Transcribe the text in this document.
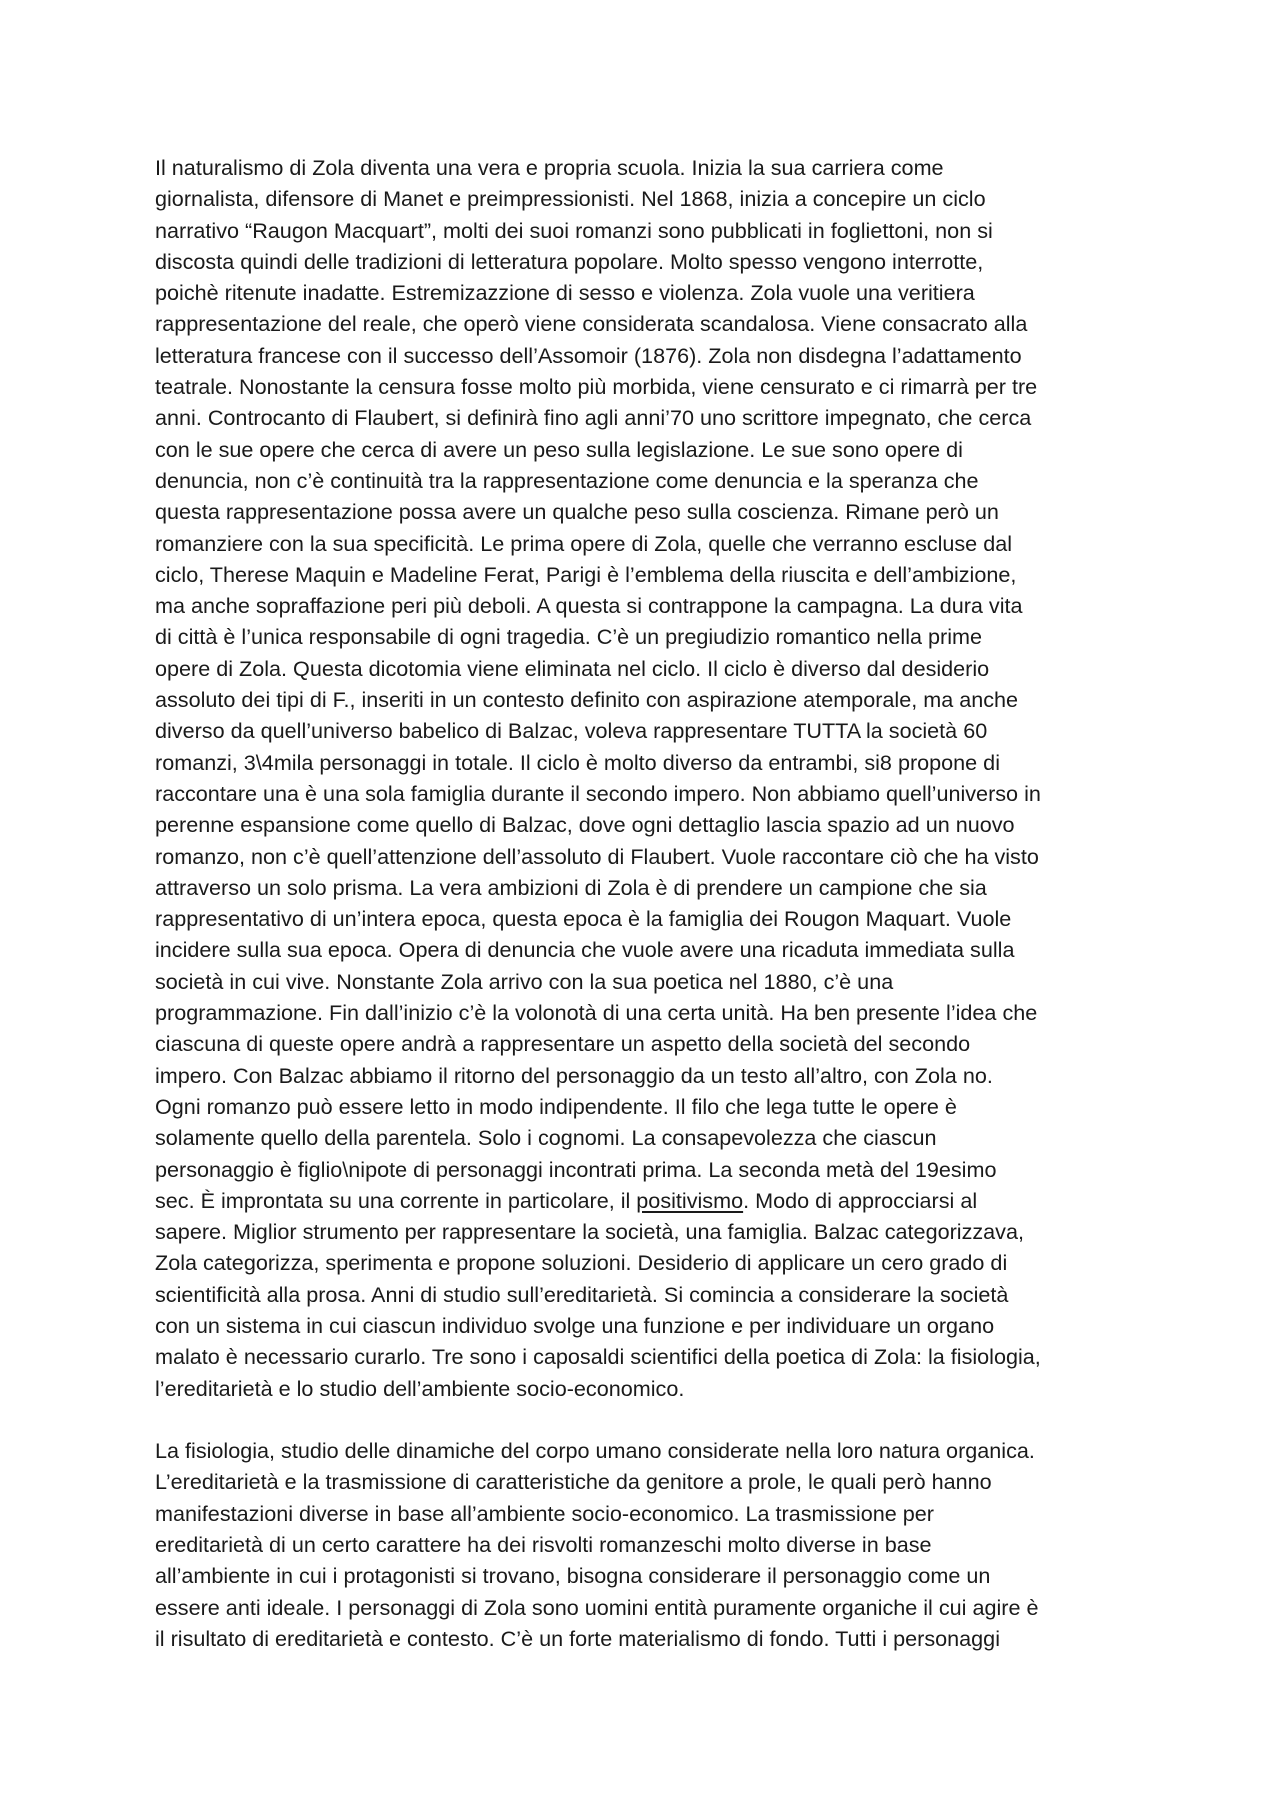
Il naturalismo di Zola diventa una vera e propria scuola. Inizia la sua carriera come
giornalista, difensore di Manet e preimpressionisti. Nel 1868, inizia a concepire un ciclo
narrativo “Raugon Macquart”, molti dei suoi romanzi sono pubblicati in fogliettoni, non si
discosta quindi delle tradizioni di letteratura popolare. Molto spesso vengono interrotte,
poichè ritenute inadatte. Estremizazzione di sesso e violenza. Zola vuole una veritiera
rappresentazione del reale, che operò viene considerata scandalosa. Viene consacrato alla
letteratura francese con il successo dell’Assomoir (1876). Zola non disdegna l’adattamento
teatrale. Nonostante la censura fosse molto più morbida, viene censurato e ci rimarrà per tre
anni. Controcanto di Flaubert, si definirà fino agli anni’70 uno scrittore impegnato, che cerca
con le sue opere che cerca di avere un peso sulla legislazione. Le sue sono opere di
denuncia, non c’è continuità tra la rappresentazione come denuncia e la speranza che
questa rappresentazione possa avere un qualche peso sulla coscienza. Rimane però un
romanziere con la sua specificità. Le prima opere di Zola, quelle che verranno escluse dal
ciclo, Therese Maquin e Madeline Ferat, Parigi è l’emblema della riuscita e dell’ambizione,
ma anche sopraffazione peri più deboli. A questa si contrappone la campagna. La dura vita
di città è l’unica responsabile di ogni tragedia. C’è un pregiudizio romantico nella prime
opere di Zola. Questa dicotomia viene eliminata nel ciclo. Il ciclo è diverso dal desiderio
assoluto dei tipi di F., inseriti in un contesto definito con aspirazione atemporale, ma anche
diverso da quell’universo babelico di Balzac, voleva rappresentare TUTTA la società 60
romanzi, 3\4mila personaggi in totale. Il ciclo è molto diverso da entrambi, si8 propone di
raccontare una è una sola famiglia durante il secondo impero. Non abbiamo quell’universo in
perenne espansione come quello di Balzac, dove ogni dettaglio lascia spazio ad un nuovo
romanzo, non c’è quell’attenzione dell’assoluto di Flaubert. Vuole raccontare ciò che ha visto
attraverso un solo prisma. La vera ambizioni di Zola è di prendere un campione che sia
rappresentativo di un’intera epoca, questa epoca è la famiglia dei Rougon Maquart. Vuole
incidere sulla sua epoca. Opera di denuncia che vuole avere una ricaduta immediata sulla
società in cui vive. Nonstante Zola arrivo con la sua poetica nel 1880, c’è una
programmazione. Fin dall’inizio c’è la volonotà di una certa unità. Ha ben presente l’idea che
ciascuna di queste opere andrà a rappresentare un aspetto della società del secondo
impero. Con Balzac abbiamo il ritorno del personaggio da un testo all’altro, con Zola no.
Ogni romanzo può essere letto in modo indipendente. Il filo che lega tutte le opere è
solamente quello della parentela. Solo i cognomi. La consapevolezza che ciascun
personaggio è figlio\nipote di personaggi incontrati prima. La seconda metà del 19esimo
sec. È improntata su una corrente in particolare, il positivismo. Modo di approcciarsi al
sapere. Miglior strumento per rappresentare la società, una famiglia. Balzac categorizzava,
Zola categorizza, sperimenta e propone soluzioni. Desiderio di applicare un cero grado di
scientificità alla prosa. Anni di studio sull’ereditarietà. Si comincia a considerare la società
con un sistema in cui ciascun individuo svolge una funzione e per individuare un organo
malato è necessario curarlo. Tre sono i caposaldi scientifici della poetica di Zola: la fisiologia,
l’ereditarietà e lo studio dell’ambiente socio-economico.

La fisiologia, studio delle dinamiche del corpo umano considerate nella loro natura organica.
L’ereditarietà e la trasmissione di caratteristiche da genitore a prole, le quali però hanno
manifestazioni diverse in base all’ambiente socio-economico. La trasmissione per
ereditarietà di un certo carattere ha dei risvolti romanzeschi molto diverse in base
all’ambiente in cui i protagonisti si trovano, bisogna considerare il personaggio come un
essere anti ideale. I personaggi di Zola sono uomini entità puramente organiche il cui agire è
il risultato di ereditarietà e contesto. C’è un forte materialismo di fondo. Tutti i personaggi
